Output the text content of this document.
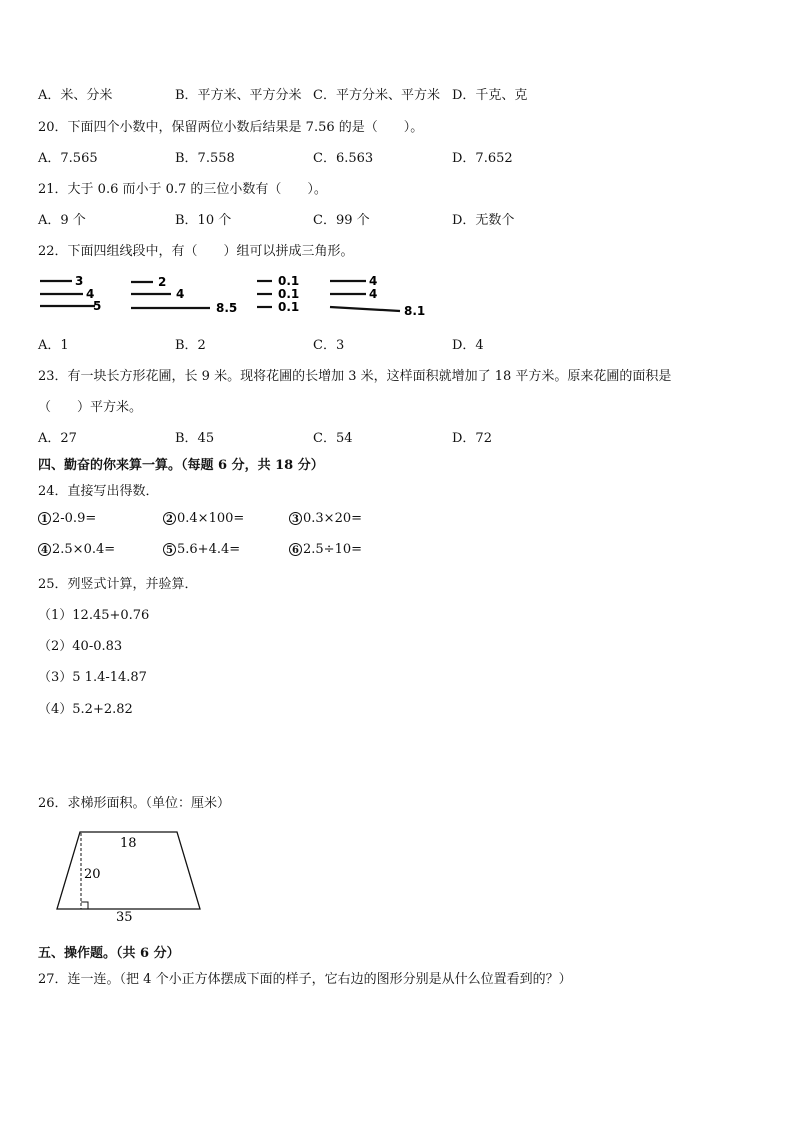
A．米、分米	B．平方米、平方分米 C．平方分米、平方米 D．千克、克
20．下面四个小数中，保留两位小数后结果是 7.56 的是（　　）。
A．7.565	B．7.558	C．6.563	D．7.652
21．大于 0.6 而小于 0.7 的三位小数有（　　）。
A．9 个	B．10 个	C．99 个	D．无数个
22．下面四组线段中，有（　　）组可以拼成三角形。
3
4
5
2
4
8.5
0.1
0.1
0.1
4
4
8.1
A．1	B．2	C．3	D．4
23．有一块长方形花圃，长 9 米。现将花圃的长增加 3 米，这样面积就增加了 18 平方米。原来花圃的面积是
（　　）平方米。
A．27	B．45	C．54	D．72
四、勤奋的你来算一算。（每题 6 分，共 18 分）
24．直接写出得数．
1 2-0.9=	2 0.4×100=	3 0.3×20=
4 2.5×0.4=	5 5.6+4.4=	6 2.5÷10=
25．列竖式计算，并验算．
（1）12.45+0.76
（2）40-0.83
（3）5 1.4-14.87
（4）5.2+2.82
26．求梯形面积。（单位：厘米）
18
20
35
五、操作题。（共 6 分）
27．连一连。（把 4 个小正方体摆成下面的样子，它右边的图形分别是从什么位置看到的？）
